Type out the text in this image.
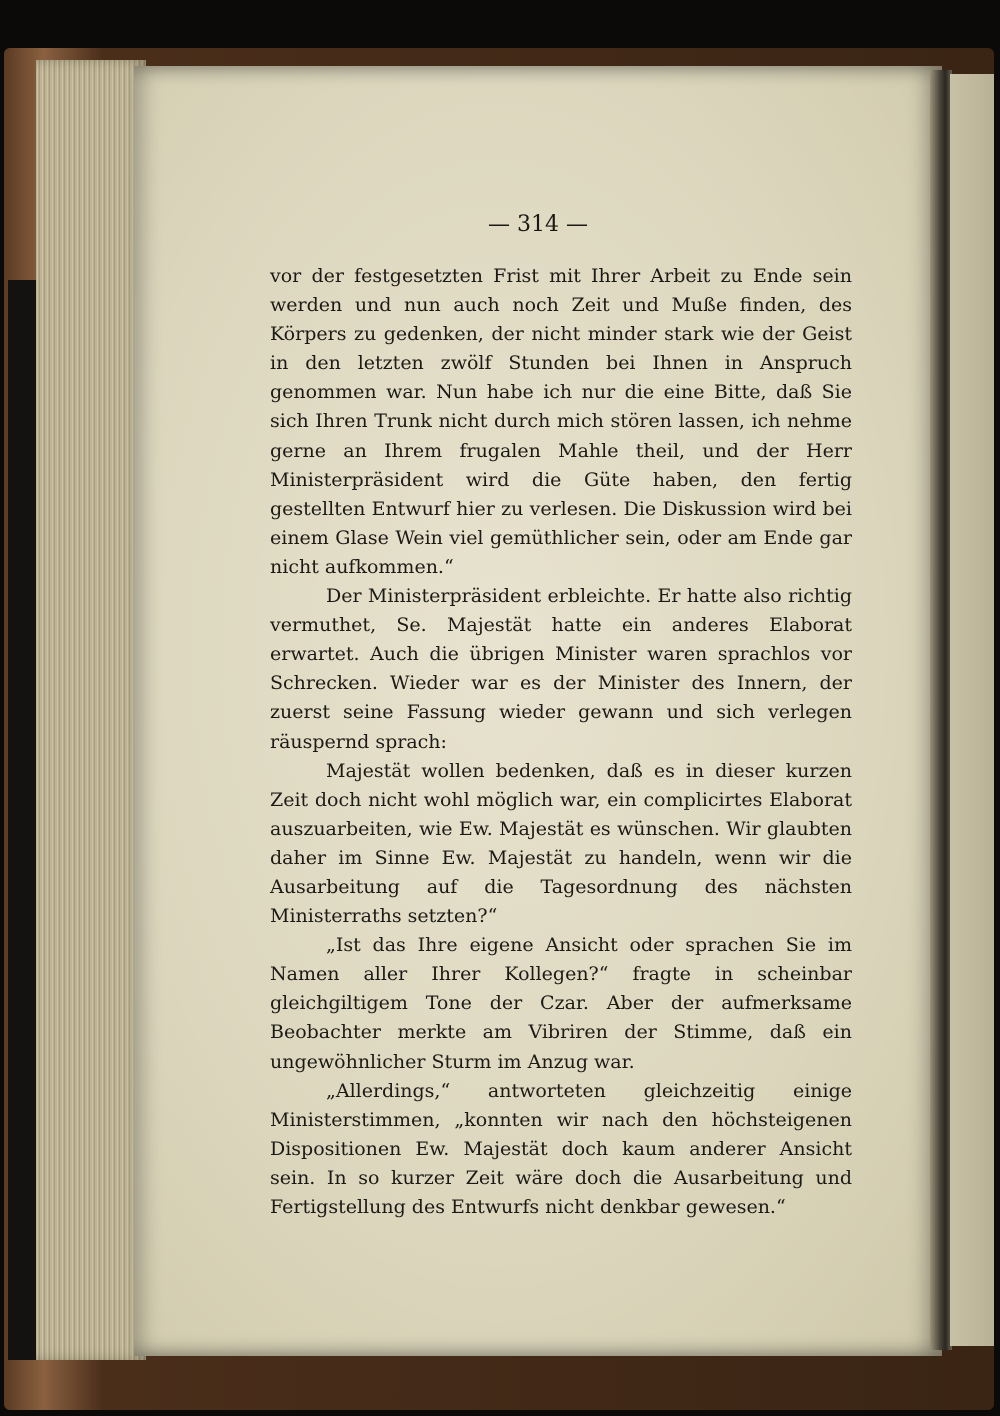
— 314 —

vor der festgesetzten Frist mit Ihrer Arbeit zu Ende sein werden und nun auch noch Zeit und Muße finden, des Körpers zu gedenken, der nicht minder stark wie der Geist in den letzten zwölf Stunden bei Ihnen in Anspruch genommen war. Nun habe ich nur die eine Bitte, daß Sie sich Ihren Trunk nicht durch mich stören lassen, ich nehme gerne an Ihrem frugalen Mahle theil, und der Herr Ministerpräsident wird die Güte haben, den fertig gestellten Entwurf hier zu verlesen. Die Diskussion wird bei einem Glase Wein viel gemüthlicher sein, oder am Ende gar nicht aufkommen.“

Der Ministerpräsident erbleichte. Er hatte also richtig vermuthet, Se. Majestät hatte ein anderes Elaborat erwartet. Auch die übrigen Minister waren sprachlos vor Schrecken. Wieder war es der Minister des Innern, der zuerst seine Fassung wieder gewann und sich verlegen räuspernd sprach:

Majestät wollen bedenken, daß es in dieser kurzen Zeit doch nicht wohl möglich war, ein complicirtes Elaborat auszuarbeiten, wie Ew. Majestät es wünschen. Wir glaubten daher im Sinne Ew. Majestät zu handeln, wenn wir die Ausarbeitung auf die Tagesordnung des nächsten Ministerraths setzten?“

„Ist das Ihre eigene Ansicht oder sprachen Sie im Namen aller Ihrer Kollegen?“ fragte in scheinbar gleichgiltigem Tone der Czar. Aber der aufmerksame Beobachter merkte am Vibriren der Stimme, daß ein ungewöhnlicher Sturm im Anzug war.

„Allerdings,“ antworteten gleichzeitig einige Ministerstimmen, „konnten wir nach den höchsteigenen Dispositionen Ew. Majestät doch kaum anderer Ansicht sein. In so kurzer Zeit wäre doch die Ausarbeitung und Fertigstellung des Entwurfs nicht denkbar gewesen.“
